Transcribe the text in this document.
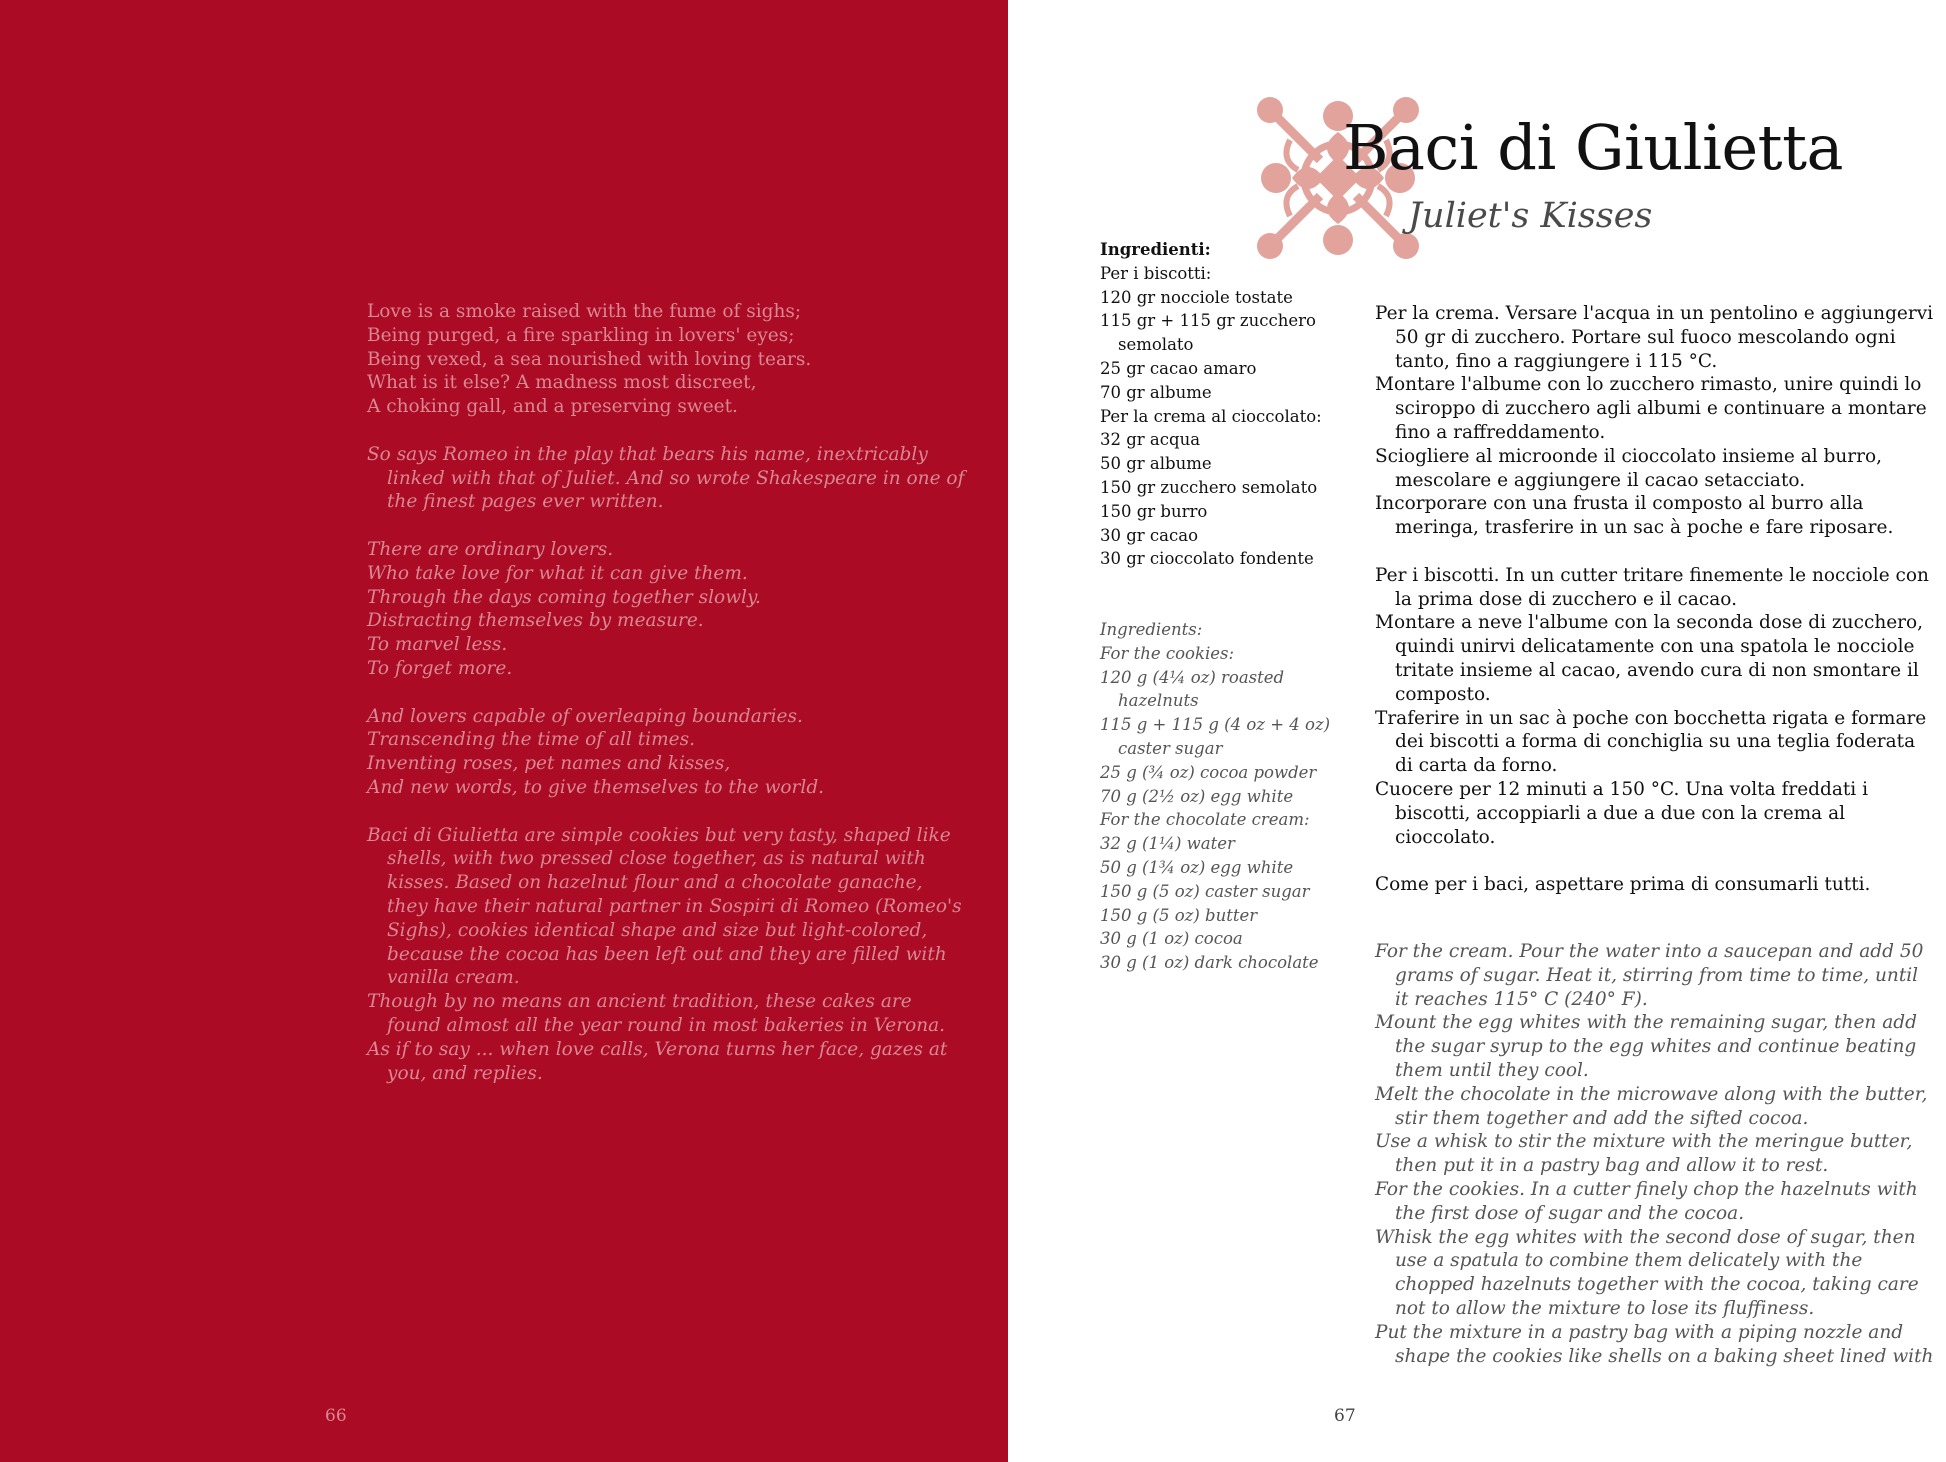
Love is a smoke raised with the fume of sighs;
Being purged, a fire sparkling in lovers' eyes;
Being vexed, a sea nourished with loving tears.
What is it else? A madness most discreet,
A choking gall, and a preserving sweet.

So says Romeo in the play that bears his name, inextricably linked with that of Juliet. And so wrote Shakespeare in one of the finest pages ever written.

There are ordinary lovers.
Who take love for what it can give them.
Through the days coming together slowly.
Distracting themselves by measure.
To marvel less.
To forget more.

And lovers capable of overleaping boundaries.
Transcending the time of all times.
Inventing roses, pet names and kisses,
And new words, to give themselves to the world.

Baci di Giulietta are simple cookies but very tasty, shaped like shells, with two pressed close together, as is natural with kisses. Based on hazelnut flour and a chocolate ganache, they have their natural partner in Sospiri di Romeo (Romeo's Sighs), cookies identical shape and size but light-colored, because the cocoa has been left out and they are filled with vanilla cream.
Though by no means an ancient tradition, these cakes are found almost all the year round in most bakeries in Verona.
As if to say ... when love calls, Verona turns her face, gazes at you, and replies.
66
Baci di Giulietta
Juliet's Kisses
Ingredienti:
Per i biscotti:
120 gr nocciole tostate
115 gr + 115 gr zucchero
semolato
25 gr cacao amaro
70 gr albume
Per la crema al cioccolato:
32 gr acqua
50 gr albume
150 gr zucchero semolato
150 gr burro
30 gr cacao
30 gr cioccolato fondente
Ingredients:
For the cookies:
120 g (4¼ oz) roasted
hazelnuts
115 g + 115 g (4 oz + 4 oz)
caster sugar
25 g (¾ oz) cocoa powder
70 g (2½ oz) egg white
For the chocolate cream:
32 g (1¼) water
50 g (1¾ oz) egg white
150 g (5 oz) caster sugar
150 g (5 oz) butter
30 g (1 oz) cocoa
30 g (1 oz) dark chocolate

Per la crema. Versare l'acqua in un pentolino e aggiungervi 50 gr di zucchero. Portare sul fuoco mescolando ogni tanto, fino a raggiungere i 115 °C.

Montare l'albume con lo zucchero rimasto, unire quindi lo sciroppo di zucchero agli albumi e continuare a montare fino a raffreddamento.

Sciogliere al microonde il cioccolato insieme al burro, mescolare e aggiungere il cacao setacciato.

Incorporare con una frusta il composto al burro alla meringa, trasferire in un sac à poche e fare riposare.

Per i biscotti. In un cutter tritare finemente le nocciole con la prima dose di zucchero e il cacao.

Montare a neve l'albume con la seconda dose di zucchero, quindi unirvi delicatamente con una spatola le nocciole tritate insieme al cacao, avendo cura di non smontare il composto.

Traferire in un sac à poche con bocchetta rigata e formare dei biscotti a forma di conchiglia su una teglia foderata di carta da forno.

Cuocere per 12 minuti a 150 °C. Una volta freddati i biscotti, accoppiarli a due a due con la crema al cioccolato.

Come per i baci, aspettare prima di consumarli tutti.

For the cream. Pour the water into a saucepan and add 50 grams of sugar. Heat it, stirring from time to time, until it reaches 115° C (240° F).

Mount the egg whites with the remaining sugar, then add the sugar syrup to the egg whites and continue beating them until they cool.

Melt the chocolate in the microwave along with the butter, stir them together and add the sifted cocoa.

Use a whisk to stir the mixture with the meringue butter, then put it in a pastry bag and allow it to rest.

For the cookies. In a cutter finely chop the hazelnuts with the first dose of sugar and the cocoa.

Whisk the egg whites with the second dose of sugar, then use a spatula to combine them delicately with the chopped hazelnuts together with the cocoa, taking care not to allow the mixture to lose its fluffiness.

Put the mixture in a pastry bag with a piping nozzle and shape the cookies like shells on a baking sheet lined with

67
